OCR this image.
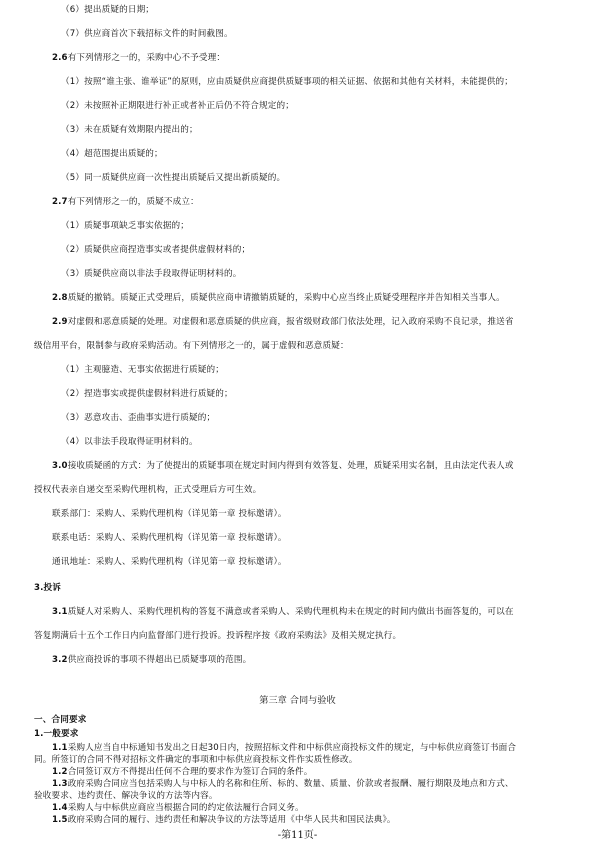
（6）提出质疑的日期；
（7）供应商首次下载招标文件的时间截图。
2.6有下列情形之一的，采购中心不予受理：
（1）按照“谁主张、谁举证”的原则，应由质疑供应商提供质疑事项的相关证据、依据和其他有关材料，未能提供的；
（2）未按照补正期限进行补正或者补正后仍不符合规定的；
（3）未在质疑有效期限内提出的；
（4）超范围提出质疑的；
（5）同一质疑供应商一次性提出质疑后又提出新质疑的。
2.7有下列情形之一的，质疑不成立：
（1）质疑事项缺乏事实依据的；
（2）质疑供应商捏造事实或者提供虚假材料的；
（3）质疑供应商以非法手段取得证明材料的。
2.8质疑的撤销。质疑正式受理后，质疑供应商申请撤销质疑的，采购中心应当终止质疑受理程序并告知相关当事人。
2.9对虚假和恶意质疑的处理。对虚假和恶意质疑的供应商，报省级财政部门依法处理，记入政府采购不良记录，推送省
级信用平台，限制参与政府采购活动。有下列情形之一的，属于虚假和恶意质疑：
（1）主观臆造、无事实依据进行质疑的；
（2）捏造事实或提供虚假材料进行质疑的；
（3）恶意攻击、歪曲事实进行质疑的；
（4）以非法手段取得证明材料的。
3.0接收质疑函的方式：为了使提出的质疑事项在规定时间内得到有效答复、处理，质疑采用实名制，且由法定代表人或
授权代表亲自递交至采购代理机构，正式受理后方可生效。
联系部门：采购人、采购代理机构（详见第一章 投标邀请）。
联系电话：采购人、采购代理机构（详见第一章 投标邀请）。
通讯地址：采购人、采购代理机构（详见第一章 投标邀请）。
3.投诉
3.1质疑人对采购人、采购代理机构的答复不满意或者采购人、采购代理机构未在规定的时间内做出书面答复的，可以在
答复期满后十五个工作日内向监督部门进行投诉。投诉程序按《政府采购法》及相关规定执行。
3.2供应商投诉的事项不得超出已质疑事项的范围。
第三章 合同与验收
一、合同要求
1.一般要求
1.1采购人应当自中标通知书发出之日起30日内，按照招标文件和中标供应商投标文件的规定，与中标供应商签订书面合
同。所签订的合同不得对招标文件确定的事项和中标供应商投标文件作实质性修改。
1.2合同签订双方不得提出任何不合理的要求作为签订合同的条件。
1.3政府采购合同应当包括采购人与中标人的名称和住所、标的、数量、质量、价款或者报酬、履行期限及地点和方式、
验收要求、违约责任、解决争议的方法等内容。
1.4采购人与中标供应商应当根据合同的约定依法履行合同义务。
1.5政府采购合同的履行、违约责任和解决争议的方法等适用《中华人民共和国民法典》。
-第11页-
